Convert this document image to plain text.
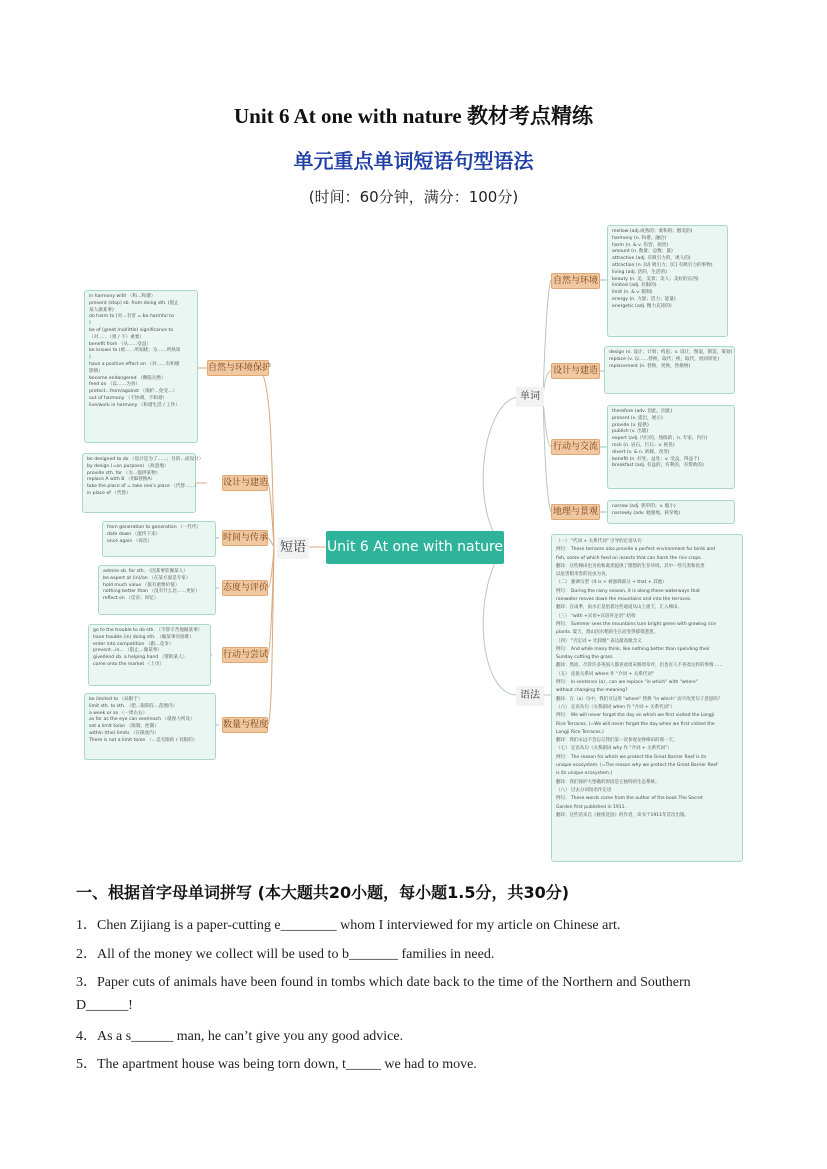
Unit 6 At one with nature 教材考点精练
单元重点单词短语句型语法
(时间：60分钟，满分：100分)
Unit 6 At one with nature
短语
单词
语法
自然与环境保护
设计与建造
时间与传承
态度与评价
行动与尝试
数量与程度
in harmony with （和…和谐）
prevent (stop) sb. from doing sth. (阻止
某人做某事)
do harm to (对…有害 = be harmful to
)
be of (great /no/little) significance to
（对……（很 / 不）重要）
benefit from （从……受益）
be known to (被……所知晓；为……所熟知
)
have a positive effect on （对……有积极
影响）
become endangered （濒临灭绝）
feed on （以……为食）
protect...from/against （保护…免受…）
out of harmony （不协调，不和谐）
live/work in harmony （和谐生活 / 工作）
be designed to do （设计是为了……；目的…而设计）
by design (=on purpose) （故意地）
provide sth. for （为…提供某物）
replace A with B （用B替换A）
take the place of = take one's place （代替……）
in place of （代替）
from generation to generation （一代代）
date down （流传下来）
once again （再次）
admire sb. for sth. （因某事钦佩某人）
be expert at (in)/on （在某方面是专家）
hold much value （很有重要价值）
nothing better than （没有什么比……更好）
reflect on （反省；回忆）
go to the trouble to do sth. （不辞辛苦地做某事）
have trouble (in) doing sth. （做某事有困难）
enter into competition （跟…竞争）
prevent...in... （阻止…做某事）
give/lend sb. a helping hand （帮助某人）
come onto the market （上市）
be limited to （局限于）
limit sth. to sth. （把…限制在…范围内）
a week or so （一周左右）
as far as the eye can see/reach （就视力所及）
set a limit to/on （限制，控制）
within (the) limits （在限度内）
There is not a limit to/on （…是无限的 / 有限的）
自然与环境
设计与建造
行动与交流
地理与景观
mellow (adj.成熟的；柔和的；醇美的)
harmony (n. 和谐，融洽)
harm (n. & v. 伤害；损害)
amount (n. 数量；总数；量)
attractive (adj. 有吸引力的，诱人的)
attraction (n. [U] 吸引力；[C] 有吸引力的事物)
living (adj. 活的，生活的)
beauty (n. 美，美景；美人；美好的东西)
limited (adj. 有限的)
limit (n. & v. 限制)
energy (n. 力量；活力；能量)
energetic (adj. 精力充沛的)
design (n. 设计，计划；构思；v. 设计，图案，制造，策划)
replace (v. 以……替换，取代；换，取代，放回原处)
replacement (n. 替换，更换，替换物)
therefore (adv. 因此，因此)
present (v. 提出，展示)
provide (v. 提供)
publish (v. 出版)
expert (adj. 内行的，熟练的；n. 专家，内行)
rock (n. 岩石，巨石；v. 摇晃)
divert (v. & n. 转移，改变)
benefit (n. 好处，益处；v. 受益，得益于)
breakfast (adj. 有益的，有利的，有帮助的)
narrow (adj. 狭窄的；v. 缩小)
narrowly (adv. 勉强地，狭窄地)
（一） "代词 + 关系代词" 引导的定语从句
例句： These terraces also provide a perfect environment for birds and
fish, some of which feed on insects that can harm the rice crops.
翻译：这些梯田也为鱼和禽类提供了理想的生存环境，其中一些鸟类和鱼类
以危害稻米害的昆虫为食。
（二） 强调句型（It is + 被强调部分 + that + 其他）
例句： During the rainy season, it is along these waterways that
rainwater moves down the mountains and into the terraces.
翻译：在雨季，雨水正是沿着这些通道从山上流下，汇入梯田。
（三） "with +宾语+宾语补足语" 结构
例句： Summer sees the mountains turn bright green with growing rice
plants. 夏天，群山因水稻的生长而变得郁郁葱葱。
（四） "否定词 + 比较级" 表达最高级含义
例句： And while many think, like nothing better than spending their
Sunday cutting the grass.
翻译：然而，尽管许多英国人都喜欢周末修剪草坪，但也有人不喜欢这样的事情……
（五） 连接关系词 where 作 "介词 + 关系代词"
例句： In sentence (a) , can we replace "in which" with "where"
without changing the meaning?
翻译：在（a）句中，我们可以用 "where" 替换 "in which" 而不改变句子意思吗？
（六） 定语从句（关系副词 when 作 "介词 + 关系代词"）
例句： We will never forget the day on which we first visited the Longji
Rice Terraces. (=We will never forget the day when we first visited the
Longji Rice Terraces.)
翻译：我们永远不会忘记我们第一次参观龙脊梯田的那一天。
（七） 定语从句（关系副词 why 作 "介词 + 关系代词"）
例句： The reason for which we protect the Great Barrier Reef is its
unique ecosystem. (=The reason why we protect the Great Barrier Reef
is its unique ecosystem.)
翻译：我们保护大堡礁的原因是它独特的生态系统。
（八） 过去分词短语作定语
例句： These words come from the author of the book The Secret
Garden first published in 1911.
翻译：这些话来自《秘密花园》的作者，该书于1911年首次出版。
一、根据首字母单词拼写 (本大题共20小题，每小题1.5分，共30分)
1．Chen Zijiang is a paper-cutting e________ whom I interviewed for my article on Chinese art.
2．All of the money we collect will be used to b_______ families in need.
3．Paper cuts of animals have been found in tombs which date back to the time of the Northern and Southern
D______!
4．As a s______ man, he can’t give you any good advice.
5．The apartment house was being torn down, t_____ we had to move.
